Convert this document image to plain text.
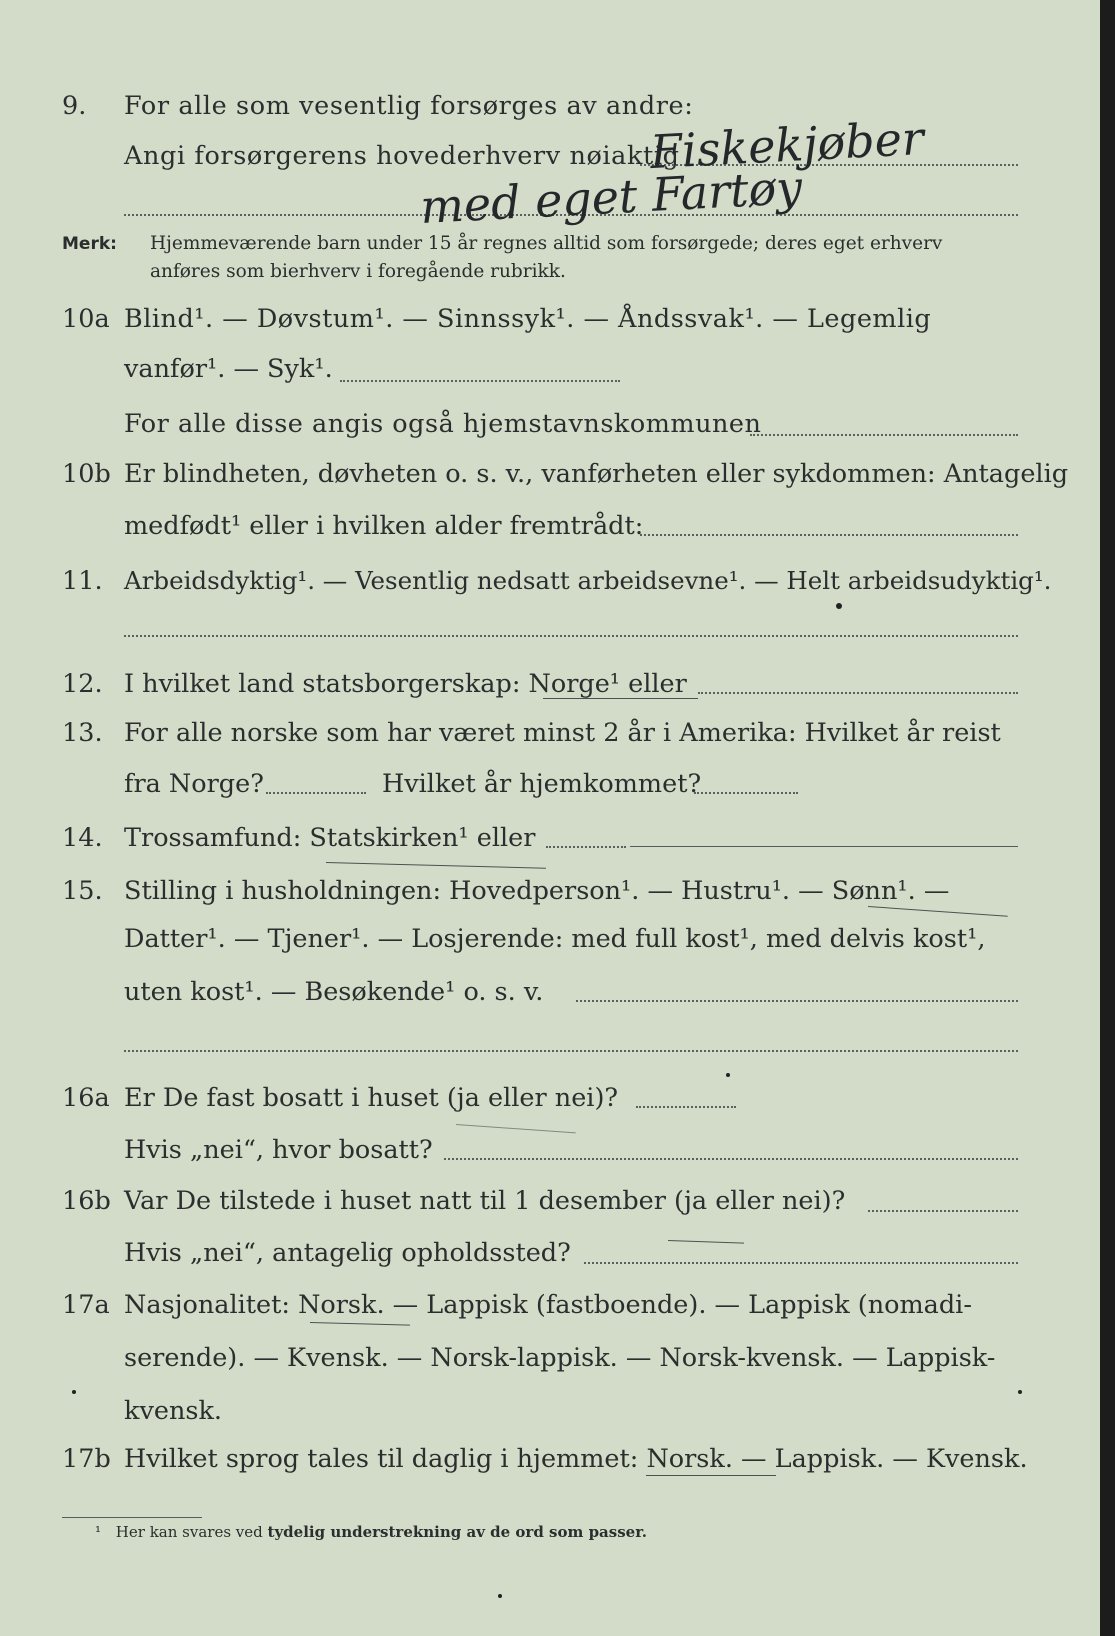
9. For alle som vesentlig forsørges av andre:
Angi forsørgerens hovederhverv nøiaktig
Fiskekjøber
med eget Fartøy
Merk: Hjemmeværende barn under 15 år regnes alltid som forsørgede; deres eget erhverv
anføres som bierhverv i foregående rubrikk.
10a Blind¹. — Døvstum¹. — Sinnssyk¹. — Åndssvak¹. — Legemlig
vanfør¹. — Syk¹.
For alle disse angis også hjemstavnskommunen
10b Er blindheten, døvheten o. s. v., vanførheten eller sykdommen: Antagelig
medfødt¹ eller i hvilken alder fremtrådt:
11. Arbeidsdyktig¹. — Vesentlig nedsatt arbeidsevne¹. — Helt arbeidsudyktig¹.
12. I hvilket land statsborgerskap: Norge¹ eller
13. For alle norske som har været minst 2 år i Amerika: Hvilket år reist
fra Norge?	Hvilket år hjemkommet?
14. Trossamfund: Statskirken¹ eller
15. Stilling i husholdningen: Hovedperson¹. — Hustru¹. — Sønn¹. —
Datter¹. — Tjener¹. — Losjerende: med full kost¹, med delvis kost¹,
uten kost¹. — Besøkende¹ o. s. v.
16a Er De fast bosatt i huset (ja eller nei)?
Hvis „nei“, hvor bosatt?
16b Var De tilstede i huset natt til 1 desember (ja eller nei)?
Hvis „nei“, antagelig opholdssted?
17a Nasjonalitet: Norsk. — Lappisk (fastboende). — Lappisk (nomadi-
serende). — Kvensk. — Norsk-lappisk. — Norsk-kvensk. — Lappisk-
kvensk.
17b Hvilket sprog tales til daglig i hjemmet: Norsk. — Lappisk. — Kvensk.
¹ Her kan svares ved tydelig understrekning av de ord som passer.
